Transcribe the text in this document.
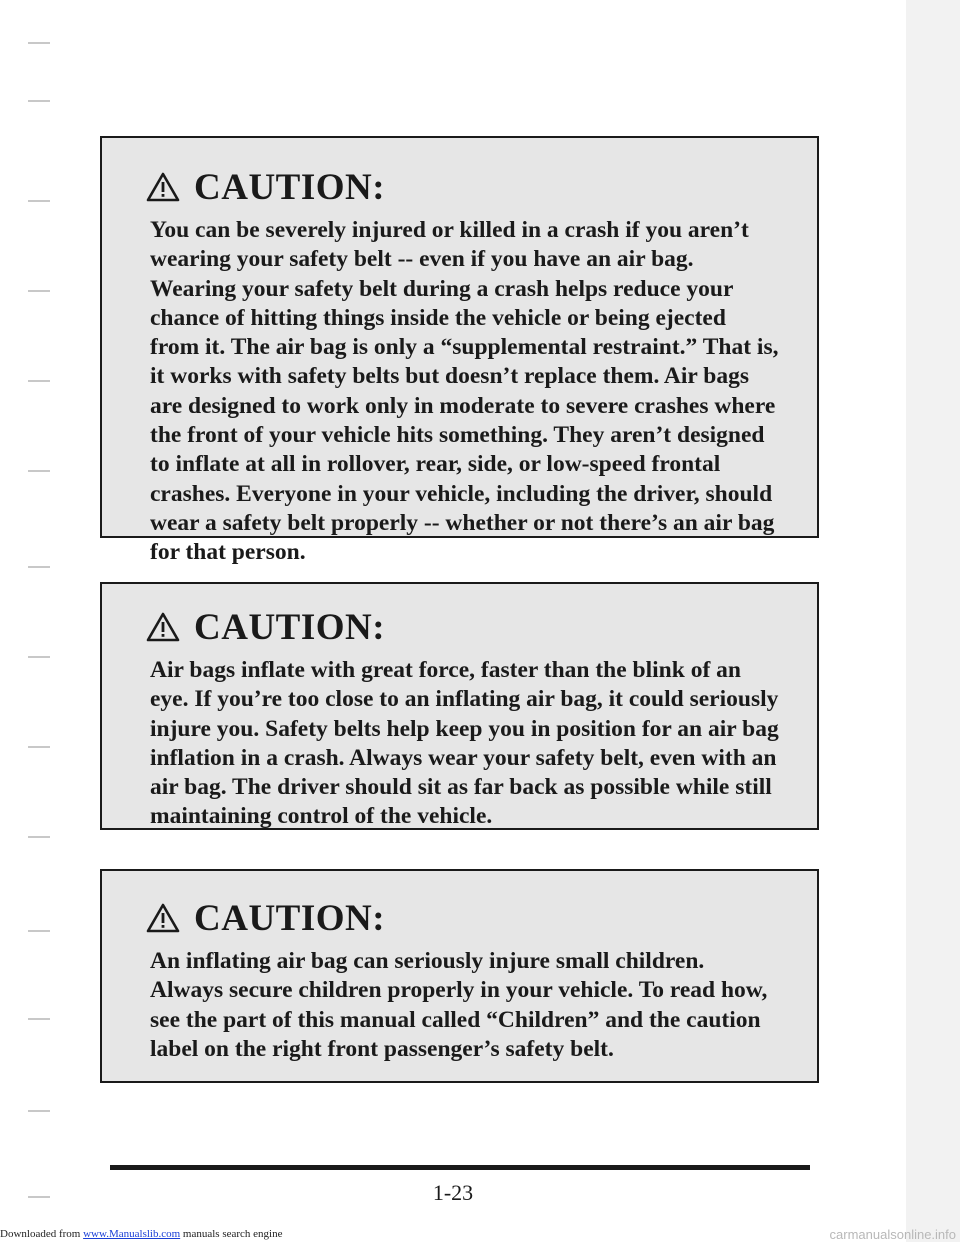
CAUTION:

You can be severely injured or killed in a crash if you aren’t wearing your safety belt -- even if you have an air bag. Wearing your safety belt during a crash helps reduce your chance of hitting things inside the vehicle or being ejected from it. The air bag is only a “supplemental restraint.” That is, it works with safety belts but doesn’t replace them. Air bags are designed to work only in moderate to severe crashes where the front of your vehicle hits something. They aren’t designed to inflate at all in rollover, rear, side, or low-speed frontal crashes. Everyone in your vehicle, including the driver, should wear a safety belt properly -- whether or not there’s an air bag for that person.

CAUTION:

Air bags inflate with great force, faster than the blink of an eye. If you’re too close to an inflating air bag, it could seriously injure you. Safety belts help keep you in position for an air bag inflation in a crash. Always wear your safety belt, even with an air bag. The driver should sit as far back as possible while still maintaining control of the vehicle.

CAUTION:

An inflating air bag can seriously injure small children. Always secure children properly in your vehicle. To read how, see the part of this manual called “Children” and the caution label on the right front passenger’s safety belt.

1-23
Downloaded from www.Manualslib.com manuals search engine	carmanualsonline.info
